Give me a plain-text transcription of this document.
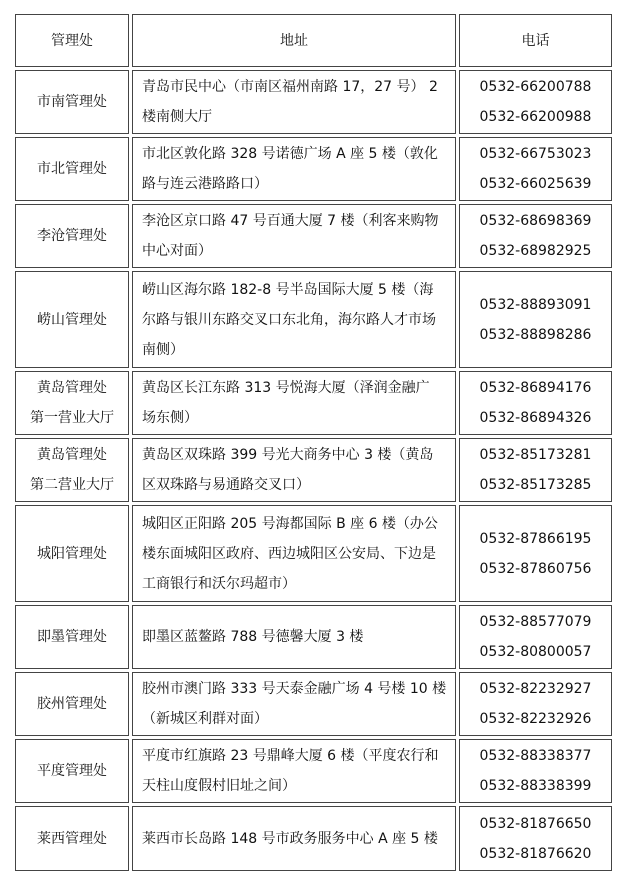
管理处	地址	电话

市南管理处	青岛市民中心（市南区福州南路 17，27 号） 2
楼南侧大厅	0532-66200788
0532-66200988

市北管理处	市北区敦化路 328 号诺德广场 A 座 5 楼（敦化
路与连云港路路口）	0532-66753023
0532-66025639

李沧管理处	李沧区京口路 47 号百通大厦 7 楼（利客来购物
中心对面）	0532-68698369
0532-68982925

崂山管理处	崂山区海尔路 182-8 号半岛国际大厦 5 楼（海
尔路与银川东路交叉口东北角，海尔路人才市场
南侧）	0532-88893091
0532-88898286

黄岛管理处
第一营业大厅	黄岛区长江东路 313 号悦海大厦（泽润金融广
场东侧）	0532-86894176
0532-86894326

黄岛管理处
第二营业大厅	黄岛区双珠路 399 号光大商务中心 3 楼（黄岛
区双珠路与易通路交叉口）	0532-85173281
0532-85173285

城阳管理处	城阳区正阳路 205 号海都国际 B 座 6 楼（办公
楼东面城阳区政府、西边城阳区公安局、下边是
工商银行和沃尔玛超市）	0532-87866195
0532-87860756

即墨管理处	即墨区蓝鳌路 788 号德馨大厦 3 楼	0532-88577079
0532-80800057

胶州管理处	胶州市澳门路 333 号天泰金融广场 4 号楼 10 楼
（新城区利群对面）	0532-82232927
0532-82232926

平度管理处	平度市红旗路 23 号鼎峰大厦 6 楼（平度农行和
天柱山度假村旧址之间）	0532-88338377
0532-88338399

莱西管理处	莱西市长岛路 148 号市政务服务中心 A 座 5 楼	0532-81876650
0532-81876620
